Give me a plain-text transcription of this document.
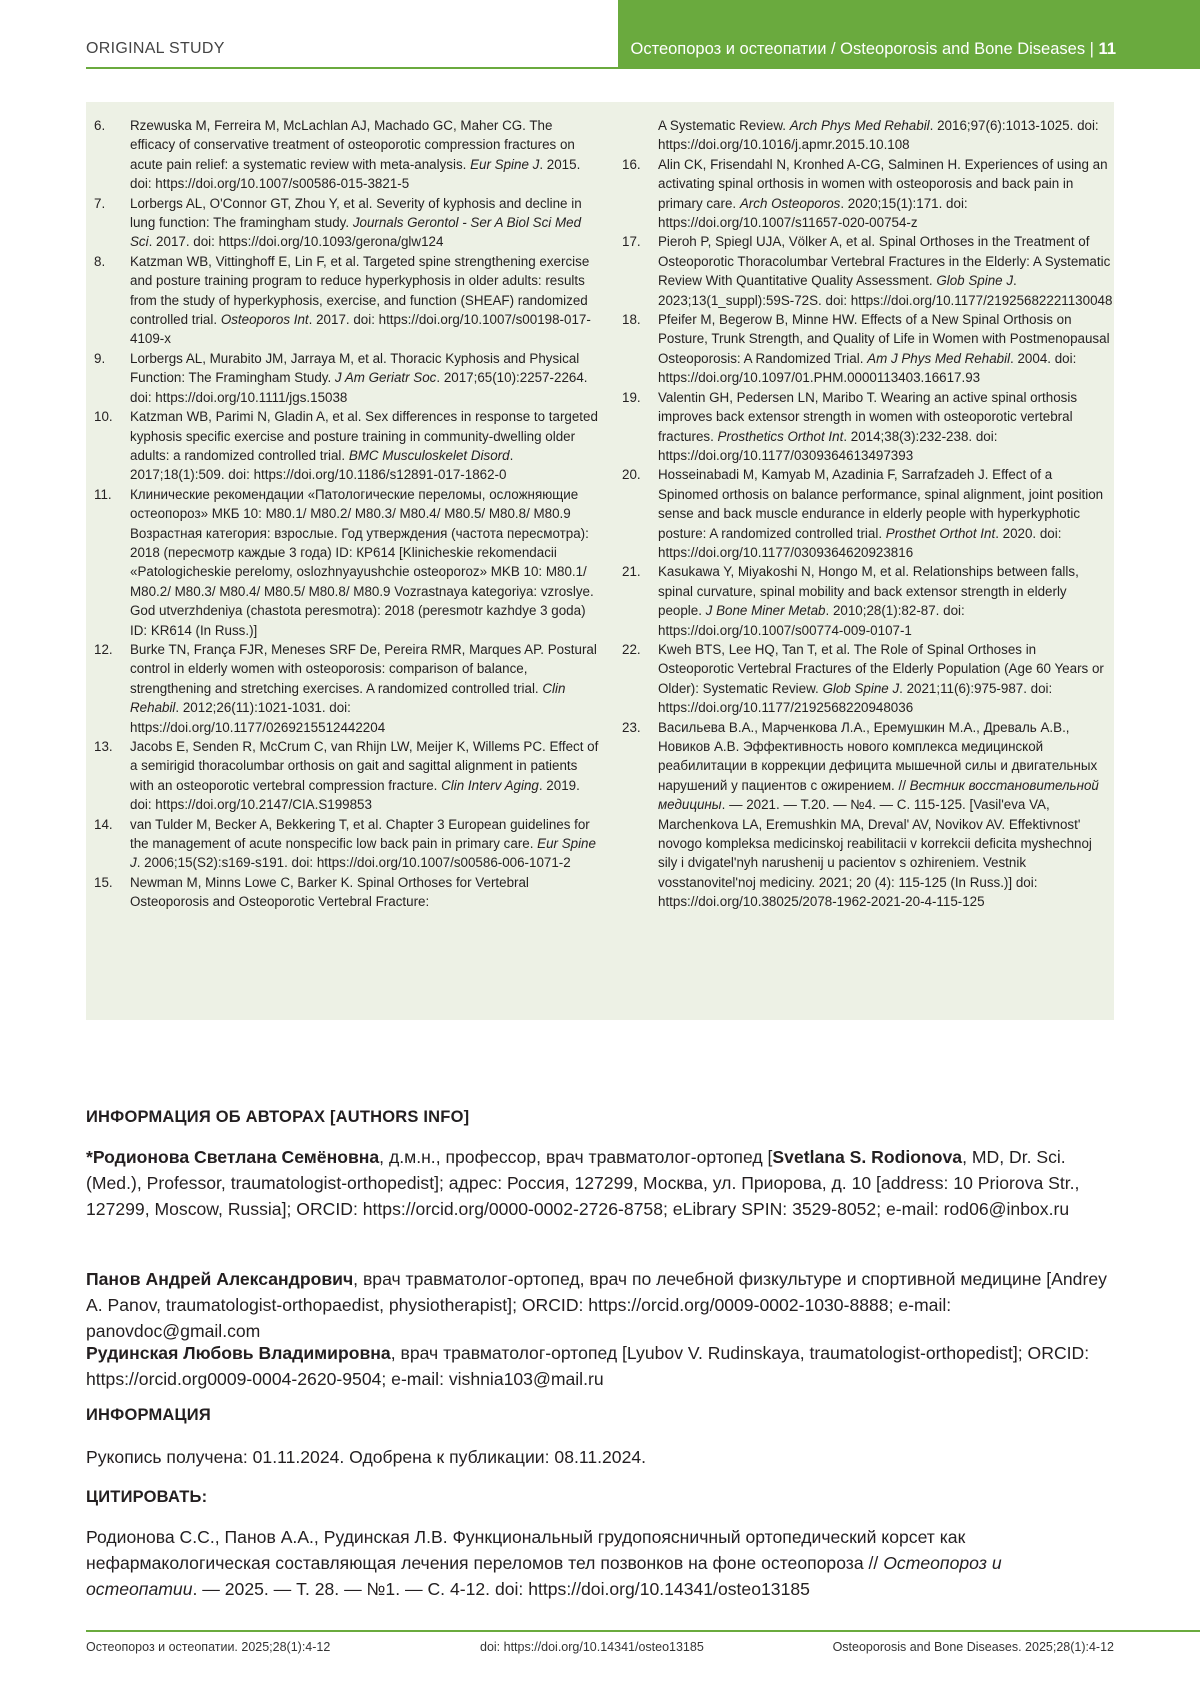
ORIGINAL STUDY	Остеопороз и остеопатии / Osteoporosis and Bone Diseases | 11
6.	Rzewuska M, Ferreira M, McLachlan AJ, Machado GC, Maher CG. The efficacy of conservative treatment of osteoporotic compression fractures on acute pain relief: a systematic review with meta-analysis. Eur Spine J. 2015. doi: https://doi.org/10.1007/s00586-015-3821-5
7.	Lorbergs AL, O'Connor GT, Zhou Y, et al. Severity of kyphosis and decline in lung function: The framingham study. Journals Gerontol - Ser A Biol Sci Med Sci. 2017. doi: https://doi.org/10.1093/gerona/glw124
8.	Katzman WB, Vittinghoff E, Lin F, et al. Targeted spine strengthening exercise and posture training program to reduce hyperkyphosis in older adults: results from the study of hyperkyphosis, exercise, and function (SHEAF) randomized controlled trial. Osteoporos Int. 2017. doi: https://doi.org/10.1007/s00198-017-4109-x
9.	Lorbergs AL, Murabito JM, Jarraya M, et al. Thoracic Kyphosis and Physical Function: The Framingham Study. J Am Geriatr Soc. 2017;65(10):2257-2264. doi: https://doi.org/10.1111/jgs.15038
10.	Katzman WB, Parimi N, Gladin A, et al. Sex differences in response to targeted kyphosis specific exercise and posture training in community-dwelling older adults: a randomized controlled trial. BMC Musculoskelet Disord. 2017;18(1):509. doi: https://doi.org/10.1186/s12891-017-1862-0
11.	Клинические рекомендации «Патологические переломы, осложняющие остеопороз» МКБ 10: M80.1/ M80.2/ M80.3/ M80.4/ M80.5/ M80.8/ M80.9 Возрастная категория: взрослые. Год утверждения (частота пересмотра): 2018 (пересмотр каждые 3 года) ID: КР614 [Klinicheskie rekomendacii «Patologicheskie perelomy, oslozhnyayushchie osteoporoz» MKB 10: M80.1/ M80.2/ M80.3/ M80.4/ M80.5/ M80.8/ M80.9 Vozrastnaya kategoriya: vzroslye. God utverzhdeniya (chastota peresmotra): 2018 (peresmotr kazhdye 3 goda) ID: KR614 (In Russ.)]
12.	Burke TN, França FJR, Meneses SRF De, Pereira RMR, Marques AP. Postural control in elderly women with osteoporosis: comparison of balance, strengthening and stretching exercises. A randomized controlled trial. Clin Rehabil. 2012;26(11):1021-1031. doi: https://doi.org/10.1177/0269215512442204
13.	Jacobs E, Senden R, McCrum C, van Rhijn LW, Meijer K, Willems PC. Effect of a semirigid thoracolumbar orthosis on gait and sagittal alignment in patients with an osteoporotic vertebral compression fracture. Clin Interv Aging. 2019. doi: https://doi.org/10.2147/CIA.S199853
14.	van Tulder M, Becker A, Bekkering T, et al. Chapter 3 European guidelines for the management of acute nonspecific low back pain in primary care. Eur Spine J. 2006;15(S2):s169-s191. doi: https://doi.org/10.1007/s00586-006-1071-2
15.	Newman M, Minns Lowe C, Barker K. Spinal Orthoses for Vertebral Osteoporosis and Osteoporotic Vertebral Fracture:
A Systematic Review. Arch Phys Med Rehabil. 2016;97(6):1013-1025. doi: https://doi.org/10.1016/j.apmr.2015.10.108
16.	Alin CK, Frisendahl N, Kronhed A-CG, Salminen H. Experiences of using an activating spinal orthosis in women with osteoporosis and back pain in primary care. Arch Osteoporos. 2020;15(1):171. doi: https://doi.org/10.1007/s11657-020-00754-z
17.	Pieroh P, Spiegl UJA, Völker A, et al. Spinal Orthoses in the Treatment of Osteoporotic Thoracolumbar Vertebral Fractures in the Elderly: A Systematic Review With Quantitative Quality Assessment. Glob Spine J. 2023;13(1_suppl):59S-72S. doi: https://doi.org/10.1177/21925682221130048
18.	Pfeifer M, Begerow B, Minne HW. Effects of a New Spinal Orthosis on Posture, Trunk Strength, and Quality of Life in Women with Postmenopausal Osteoporosis: A Randomized Trial. Am J Phys Med Rehabil. 2004. doi: https://doi.org/10.1097/01.PHM.0000113403.16617.93
19.	Valentin GH, Pedersen LN, Maribo T. Wearing an active spinal orthosis improves back extensor strength in women with osteoporotic vertebral fractures. Prosthetics Orthot Int. 2014;38(3):232-238. doi: https://doi.org/10.1177/0309364613497393
20.	Hosseinabadi M, Kamyab M, Azadinia F, Sarrafzadeh J. Effect of a Spinomed orthosis on balance performance, spinal alignment, joint position sense and back muscle endurance in elderly people with hyperkyphotic posture: A randomized controlled trial. Prosthet Orthot Int. 2020. doi: https://doi.org/10.1177/0309364620923816
21.	Kasukawa Y, Miyakoshi N, Hongo M, et al. Relationships between falls, spinal curvature, spinal mobility and back extensor strength in elderly people. J Bone Miner Metab. 2010;28(1):82-87. doi: https://doi.org/10.1007/s00774-009-0107-1
22.	Kweh BTS, Lee HQ, Tan T, et al. The Role of Spinal Orthoses in Osteoporotic Vertebral Fractures of the Elderly Population (Age 60 Years or Older): Systematic Review. Glob Spine J. 2021;11(6):975-987. doi: https://doi.org/10.1177/2192568220948036
23.	Васильева В.А., Марченкова Л.А., Еремушкин М.А., Древаль А.В., Новиков А.В. Эффективность нового комплекса медицинской реабилитации в коррекции дефицита мышечной силы и двигательных нарушений у пациентов с ожирением. // Вестник восстановительной медицины. — 2021. — Т.20. — №4. — С. 115-125. [Vasil'eva VA, Marchenkova LA, Eremushkin MA, Dreval' AV, Novikov AV. Effektivnost' novogo kompleksa medicinskoj reabilitacii v korrekcii deficita myshechnoj sily i dvigatel'nyh narushenij u pacientov s ozhireniem. Vestnik vosstanovitel'noj mediciny. 2021; 20 (4): 115-125 (In Russ.)] doi: https://doi.org/10.38025/2078-1962-2021-20-4-115-125
ИНФОРМАЦИЯ ОБ АВТОРАХ [AUTHORS INFO]
*Родионова Светлана Семёновна, д.м.н., профессор, врач травматолог-ортопед [Svetlana S. Rodionova, MD, Dr. Sci. (Med.), Professor, traumatologist-orthopedist]; адрес: Россия, 127299, Москва, ул. Приорова, д. 10 [address: 10 Priorova Str., 127299, Moscow, Russia]; ORCID: https://orcid.org/0000-0002-2726-8758; eLibrary SPIN: 3529-8052; e-mail: rod06@inbox.ru
Панов Андрей Александрович, врач травматолог-ортопед, врач по лечебной физкультуре и спортивной медицине [Andrey A. Panov, traumatologist-orthopaedist, physiotherapist]; ORCID: https://orcid.org/0009-0002-1030-8888; e-mail: panovdoc@gmail.com
Рудинская Любовь Владимировна, врач травматолог-ортопед [Lyubov V. Rudinskaya, traumatologist-orthopedist]; ORCID: https://orcid.org0009-0004-2620-9504; e-mail: vishnia103@mail.ru
ИНФОРМАЦИЯ
Рукопись получена: 01.11.2024. Одобрена к публикации: 08.11.2024.
ЦИТИРОВАТЬ:
Родионова С.С., Панов А.А., Рудинская Л.В. Функциональный грудопоясничный ортопедический корсет как нефармакологическая составляющая лечения переломов тел позвонков на фоне остеопороза // Остеопороз и остеопатии. — 2025. — Т. 28. — №1. — С. 4-12. doi: https://doi.org/10.14341/osteo13185
Остеопороз и остеопатии. 2025;28(1):4-12	doi: https://doi.org/10.14341/osteo13185	Osteoporosis and Bone Diseases. 2025;28(1):4-12
